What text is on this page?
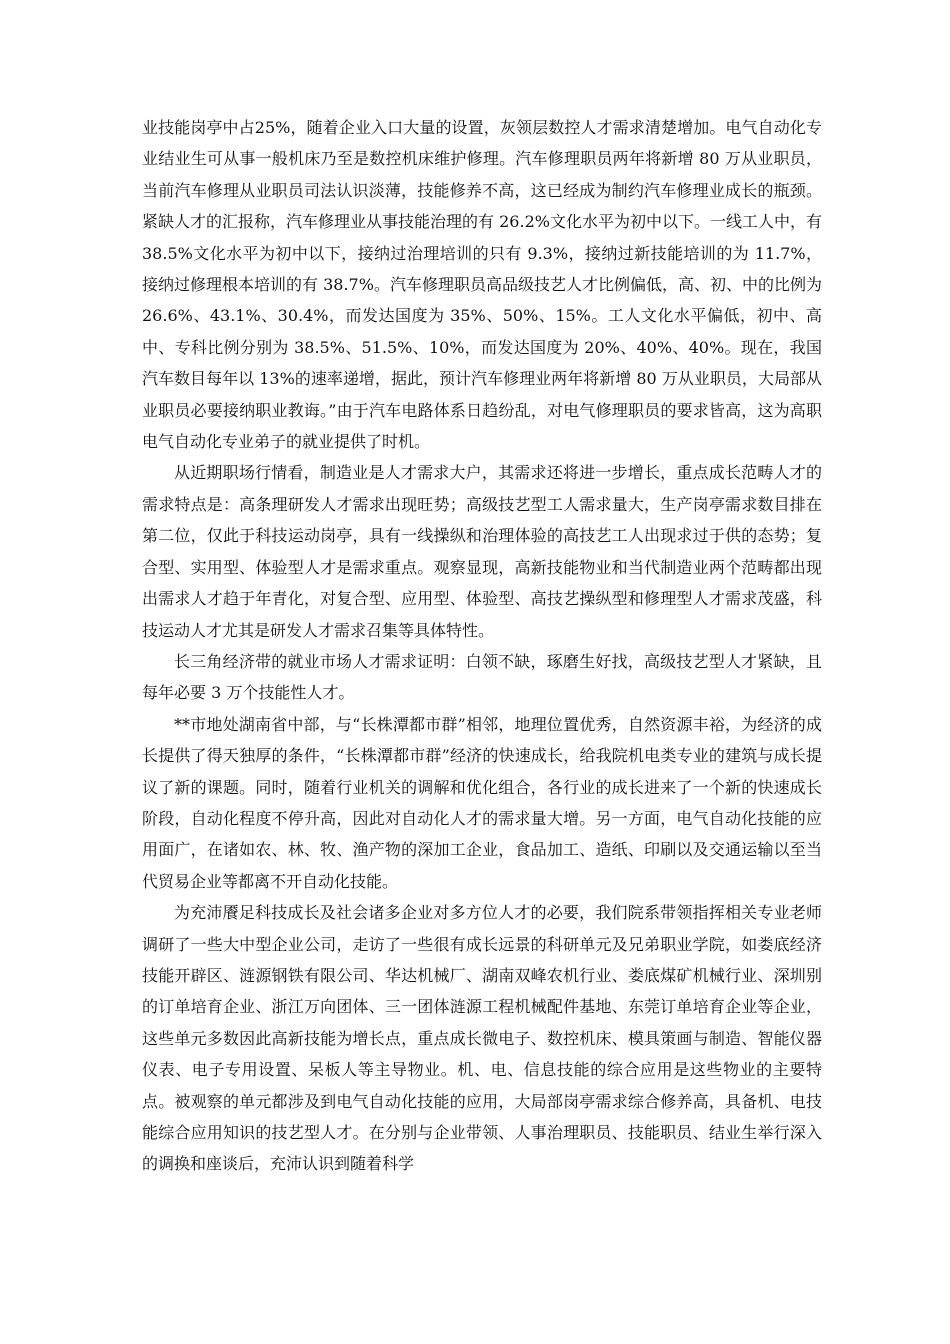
业技能岗亭中占25%，随着企业入口大量的设置，灰领层数控人才需求清楚增加。电气自动化专业结业生可从事一般机床乃至是数控机床维护修理。汽车修理职员两年将新增 80 万从业职员，当前汽车修理从业职员司法认识淡薄，技能修养不高，这已经成为制约汽车修理业成长的瓶颈。紧缺人才的汇报称，汽车修理业从事技能治理的有 26.2%文化水平为初中以下。一线工人中，有 38.5%文化水平为初中以下，接纳过治理培训的只有 9.3%，接纳过新技能培训的为 11.7%，接纳过修理根本培训的有 38.7%。汽车修理职员高品级技艺人才比例偏低，高、初、中的比例为 26.6%、43.1%、30.4%，而发达国度为 35%、50%、15%。工人文化水平偏低，初中、高中、专科比例分别为 38.5%、51.5%、10%，而发达国度为 20%、40%、40%。现在，我国汽车数目每年以 13%的速率递增，据此，预计汽车修理业两年将新增 80 万从业职员，大局部从业职员必要接纳职业教诲。”由于汽车电路体系日趋纷乱，对电气修理职员的要求皆高，这为高职电气自动化专业弟子的就业提供了时机。

从近期职场行情看，制造业是人才需求大户，其需求还将进一步增长，重点成长范畴人才的需求特点是：高条理研发人才需求出现旺势；高级技艺型工人需求量大，生产岗亭需求数目排在第二位，仅此于科技运动岗亭，具有一线操纵和治理体验的高技艺工人出现求过于供的态势；复合型、实用型、体验型人才是需求重点。观察显现，高新技能物业和当代制造业两个范畴都出现出需求人才趋于年青化，对复合型、应用型、体验型、高技艺操纵型和修理型人才需求茂盛，科技运动人才尤其是研发人才需求召集等具体特性。

长三角经济带的就业市场人才需求证明：白领不缺，琢磨生好找，高级技艺型人才紧缺，且每年必要 3 万个技能性人才。

**市地处湖南省中部，与“长株潭都市群”相邻，地理位置优秀，自然资源丰裕，为经济的成长提供了得天独厚的条件，“长株潭都市群”经济的快速成长，给我院机电类专业的建筑与成长提议了新的课题。同时，随着行业机关的调解和优化组合，各行业的成长进来了一个新的快速成长阶段，自动化程度不停升高，因此对自动化人才的需求量大增。另一方面，电气自动化技能的应用面广，在诸如农、林、牧、渔产物的深加工企业，食品加工、造纸、印刷以及交通运输以至当代贸易企业等都离不开自动化技能。

为充沛餍足科技成长及社会诸多企业对多方位人才的必要，我们院系带领指挥相关专业老师调研了一些大中型企业公司，走访了一些很有成长远景的科研单元及兄弟职业学院，如娄底经济技能开辟区、涟源钢铁有限公司、华达机械厂、湖南双峰农机行业、娄底煤矿机械行业、深圳别的订单培育企业、浙江万向团体、三一团体涟源工程机械配件基地、东莞订单培育企业等企业，这些单元多数因此高新技能为增长点，重点成长微电子、数控机床、模具策画与制造、智能仪器仪表、电子专用设置、呆板人等主导物业。机、电、信息技能的综合应用是这些物业的主要特点。被观察的单元都涉及到电气自动化技能的应用，大局部岗亭需求综合修养高，具备机、电技能综合应用知识的技艺型人才。在分别与企业带领、人事治理职员、技能职员、结业生举行深入的调换和座谈后，充沛认识到随着科学
